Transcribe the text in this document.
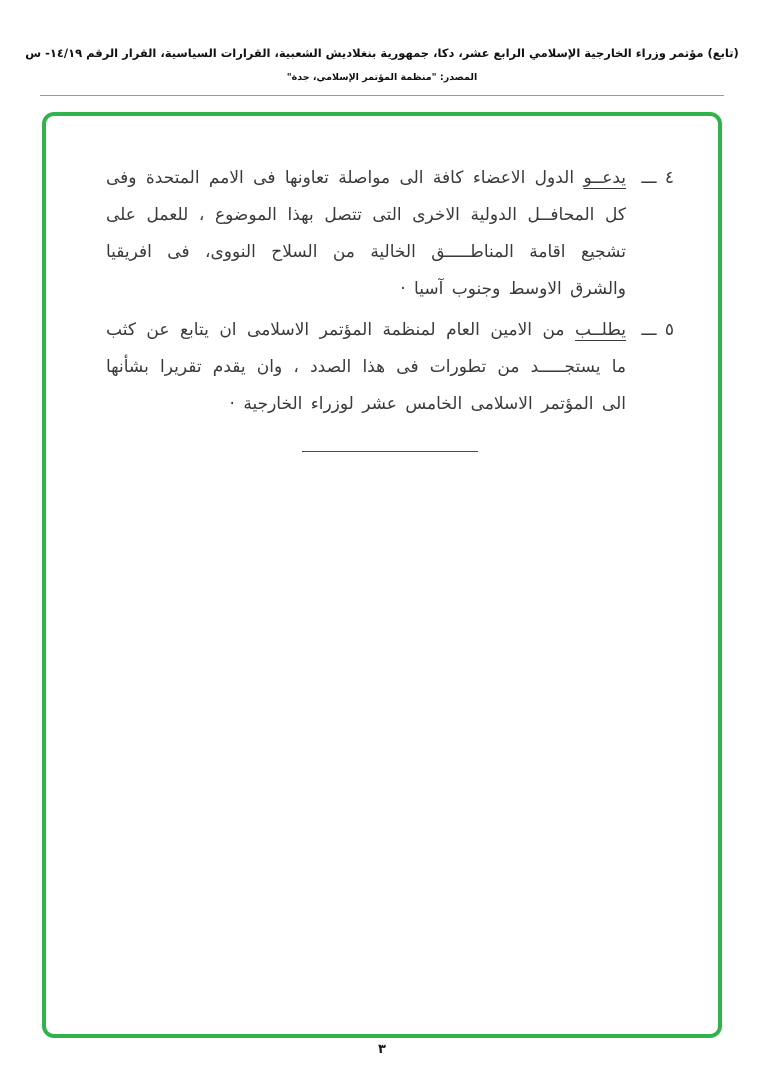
(تابع) مؤتمر وزراء الخارجية الإسلامي الرابع عشر، دكا، جمهورية بنغلاديش الشعبية، القرارات السياسية، القرار الرقم ١٤/١٩- س
المصدر: "منظمة المؤتمر الإسلامي، جدة"
٤ ـــ
يدعــو الدول الاعضاء كافة الى مواصلة تعاونها فى الامم المتحدة وفى كل المحافــل الدولية الاخرى التى تتصل بهذا الموضوع ، للعمل على تشجيع اقامة المناطـــــق الخالية من السلاح النووى، فى افريقيا والشرق الاوسط وجنوب آسيا ·
٥ ـــ
يطلــب من الامين العام لمنظمة المؤتمر الاسلامى ان يتابع عن كثب ما يستجـــــد من تطورات فى هذا الصدد ، وان يقدم تقريرا بشأنها الى المؤتمر الاسلامى الخامس عشر لوزراء الخارجية ·
٣
